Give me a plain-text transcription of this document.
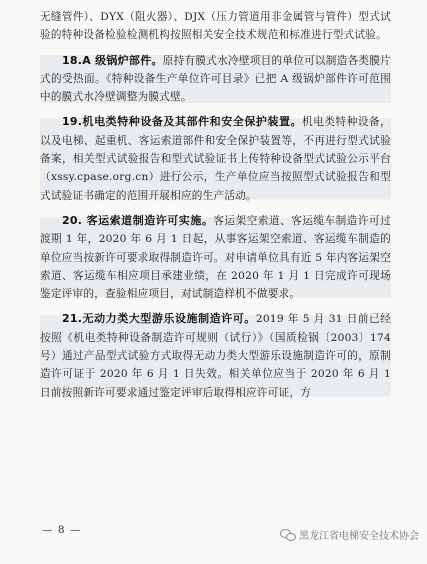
无缝管件）、DYX（阻火器）、DJX（压力管道用非金属管与管件）型式试验的特种设备检验检测机构按照相关安全技术规范和标准进行型式试验。

18.A 级锅炉部件。原持有膜式水冷壁项目的单位可以制造各类膜片式的受热面。《特种设备生产单位许可目录》已把 A 级锅炉部件许可范围中的膜式水冷壁调整为膜式壁。

19.机电类特种设备及其部件和安全保护装置。机电类特种设备，以及电梯、起重机、客运索道部件和安全保护装置等，不再进行型式试验备案，相关型式试验报告和型式试验证书上传特种设备型式试验公示平台（xssy.cpase.org.cn）进行公示，生产单位应当按照型式试验报告和型式试验证书确定的范围开展相应的生产活动。

20. 客运索道制造许可实施。客运架空索道、客运缆车制造许可过渡期 1 年，2020 年 6 月 1 日起，从事客运架空索道、客运缆车制造的单位应当按新许可要求取得制造许可。对申请单位具有近 5 年内客运架空索道、客运缆车相应项目承建业绩，在 2020 年 1 月 1 日完成许可现场鉴定评审的，查验相应项目，对试制造样机不做要求。

21.无动力类大型游乐设施制造许可。2019 年 5 月 31 日前已经按照《机电类特种设备制造许可规则（试行）》（国质检锅〔2003〕174 号）通过产品型式试验方式取得无动力类大型游乐设施制造许可的，原制造许可证于 2020 年 6 月 1 日失效。相关单位应当于 2020 年 6 月 1 日前按照新许可要求通过鉴定评审后取得相应许可证，方

— 8 —
黑龙江省电梯安全技术协会
